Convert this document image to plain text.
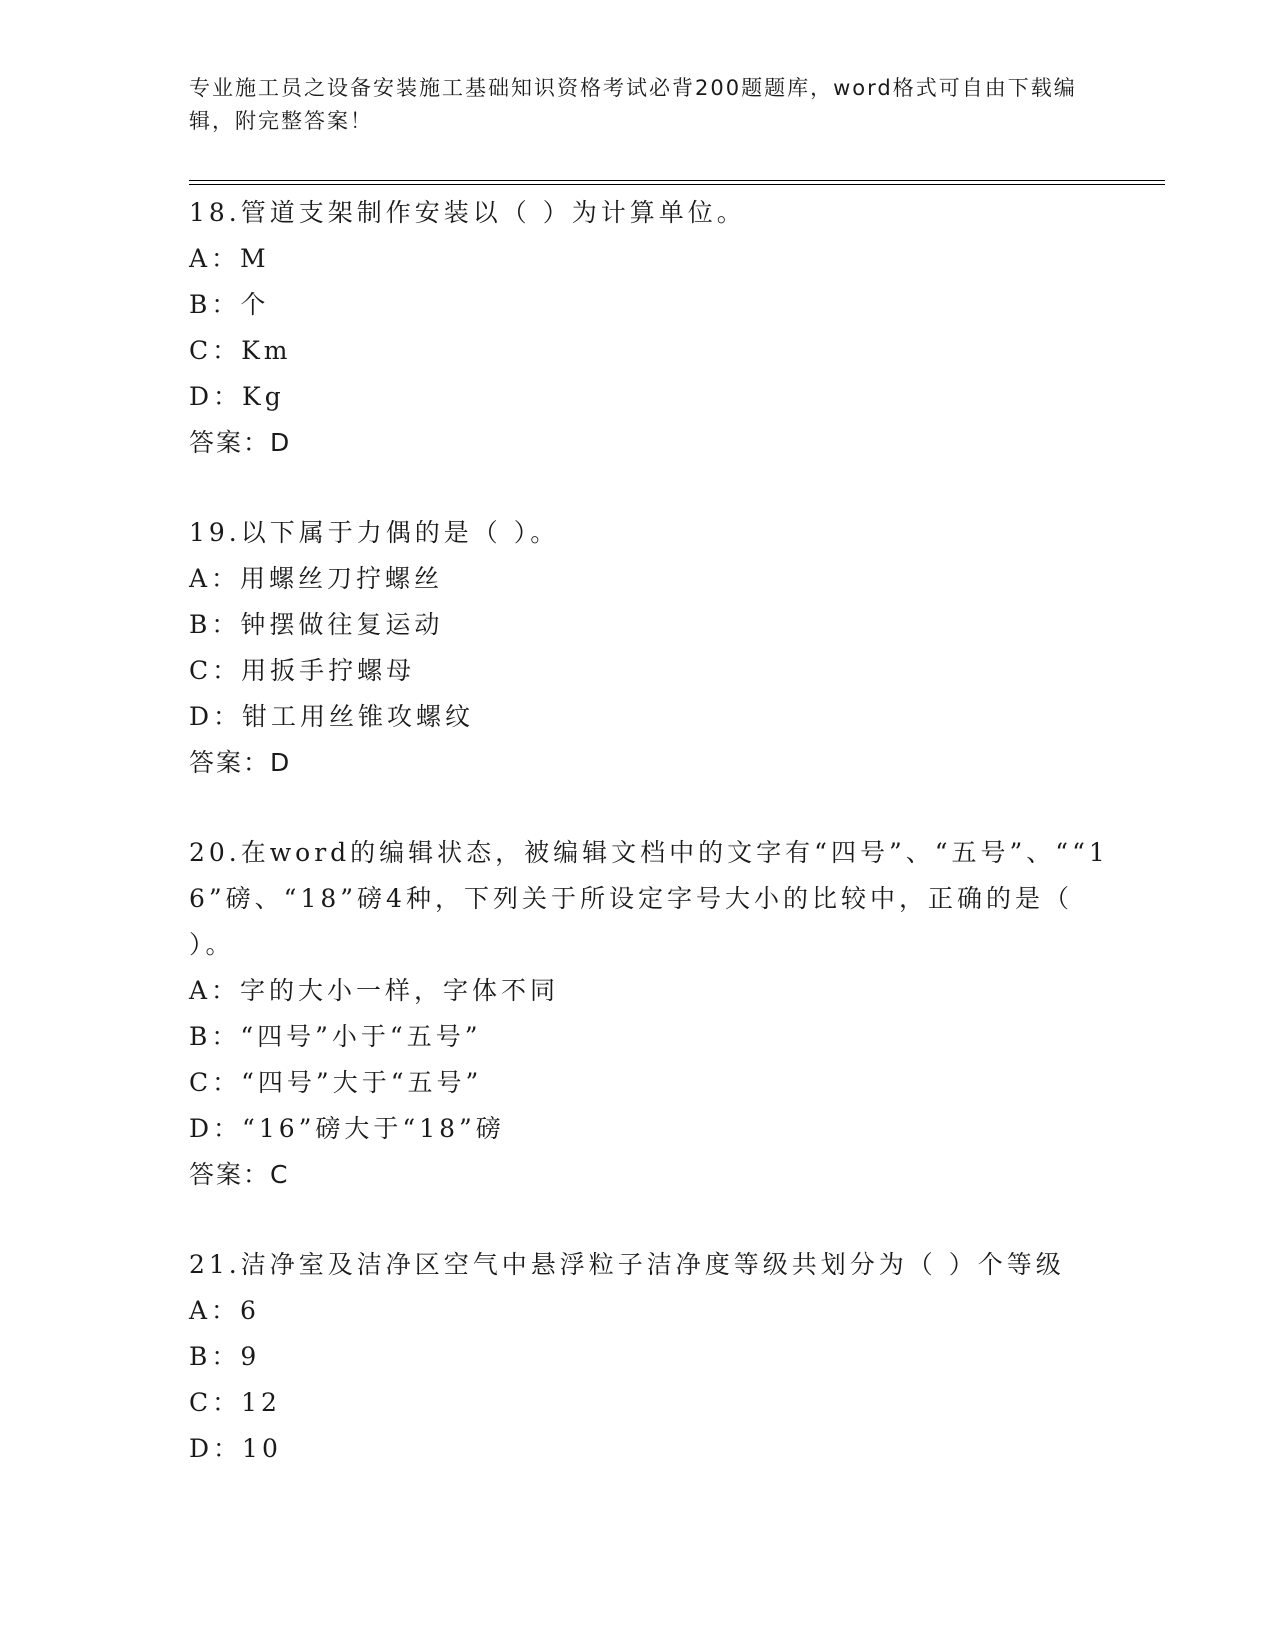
专业施工员之设备安装施工基础知识资格考试必背200题题库，word格式可自由下载编辑，附完整答案！

18.管道支架制作安装以（ ）为计算单位。

A：M

B：个

C：Km

D：Kg

答案：D

19.以下属于力偶的是（ ）。

A：用螺丝刀拧螺丝

B：钟摆做往复运动

C：用扳手拧螺母

D：钳工用丝锥攻螺纹

答案：D

20.在word的编辑状态，被编辑文档中的文字有“四号”、“五号”、““16”磅、“18”磅4种，下列关于所设定字号大小的比较中，正确的是（ ）。

A：字的大小一样，字体不同

B：“四号”小于“五号”

C：“四号”大于“五号”

D：“16”磅大于“18”磅

答案：C

21.洁净室及洁净区空气中悬浮粒子洁净度等级共划分为（ ）个等级

A：6

B：9

C：12

D：10
